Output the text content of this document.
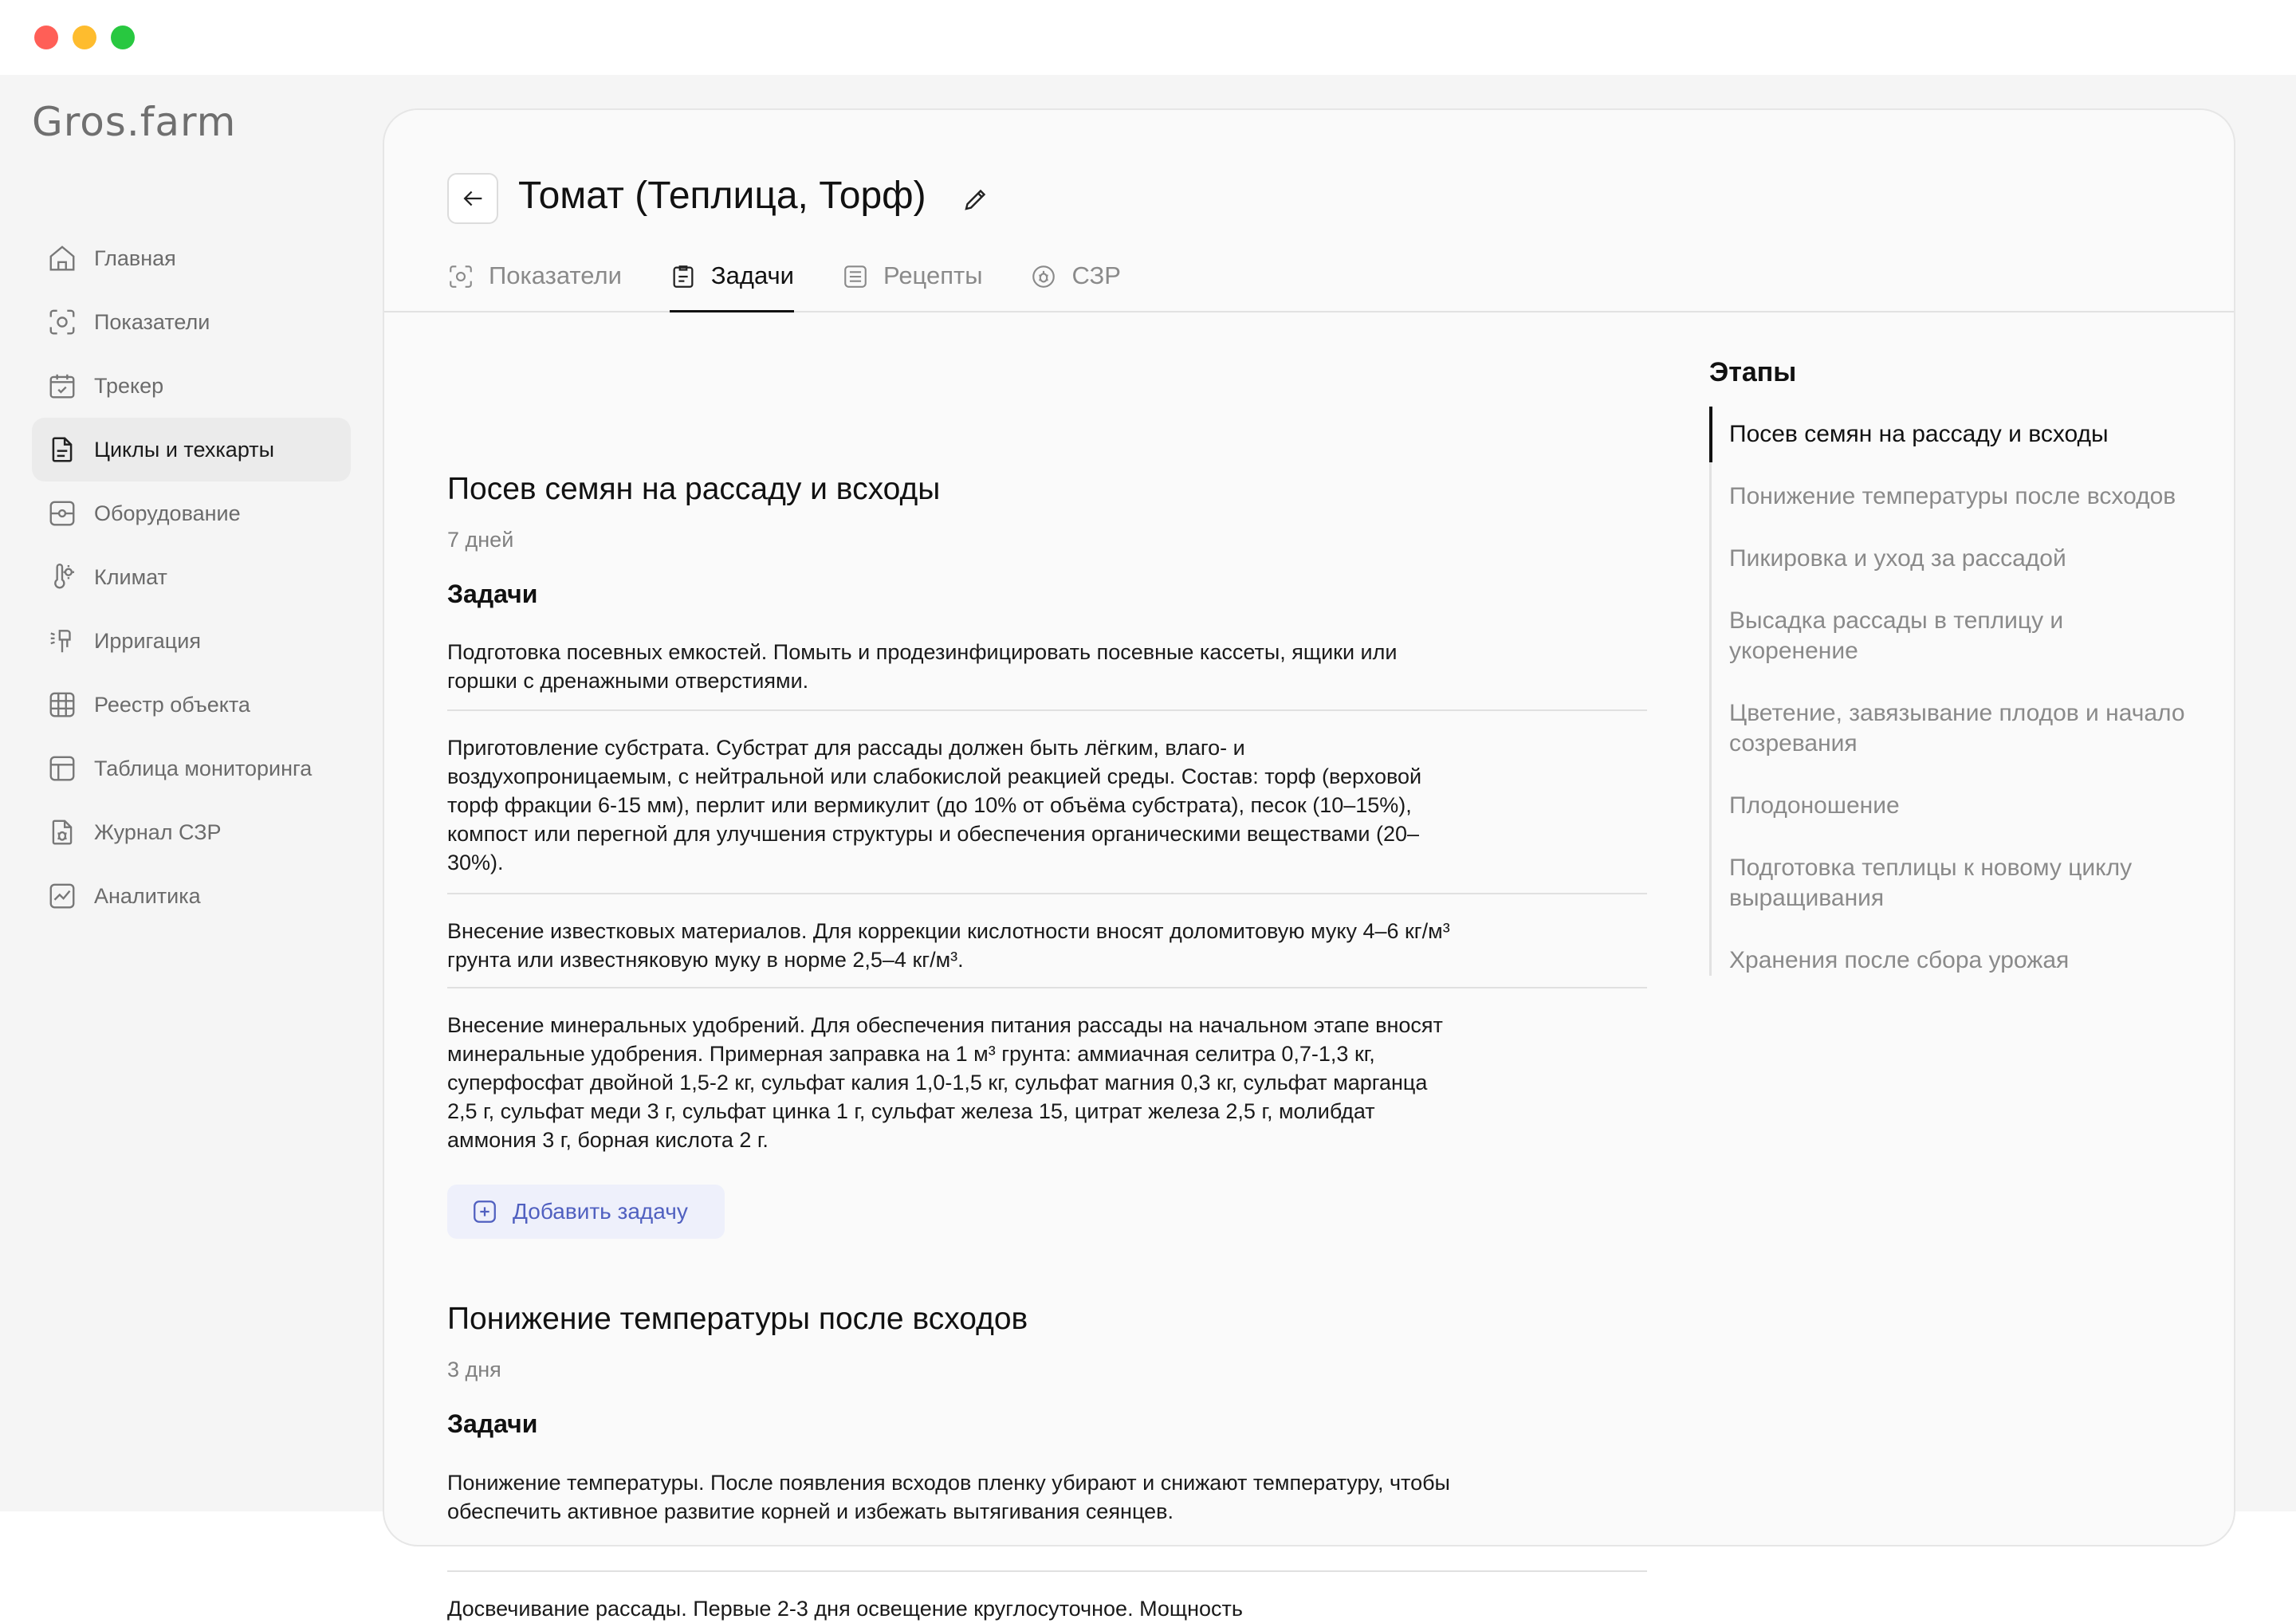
Gros.farm
Главная
Показатели
Трекер
Циклы и техкарты
Оборудование
Климат
Ирригация
Реестр объекта
Таблица мониторинга
Журнал СЗР
Аналитика
Томат (Теплица, Торф)
Показатели	Задачи	Рецепты	СЗР
Посев семян на рассаду и всходы
7 дней
Задачи
Подготовка посевных емкостей. Помыть и продезинфицировать посевные кассеты, ящики или горшки с дренажными отверстиями.
Приготовление субстрата. Субстрат для рассады должен быть лёгким, влаго- и воздухопроницаемым, с нейтральной или слабокислой реакцией среды. Состав: торф (верховой торф фракции 6-15 мм), перлит или вермикулит (до 10% от объёма субстрата), песок (10–15%), компост или перегной для улучшения структуры и обеспечения органическими веществами (20–30%).
Внесение известковых материалов. Для коррекции кислотности вносят доломитовую муку 4–6 кг/м³ грунта или известняковую муку в норме 2,5–4 кг/м³.
Внесение минеральных удобрений. Для обеспечения питания рассады на начальном этапе вносят минеральные удобрения. Примерная заправка на 1 м³ грунта: аммиачная селитра 0,7-1,3 кг, суперфосфат двойной 1,5-2 кг, сульфат калия 1,0-1,5 кг, сульфат магния 0,3 кг, сульфат марганца 2,5 г, сульфат меди 3 г, сульфат цинка 1 г, сульфат железа 15, цитрат железа 2,5 г, молибдат аммония 3 г, борная кислота 2 г.
Добавить задачу
Понижение температуры после всходов
3 дня
Задачи
Понижение температуры. После появления всходов пленку убирают и снижают температуру, чтобы обеспечить активное развитие корней и избежать вытягивания сеянцев.
Досвечивание рассады. Первые 2-3 дня освещение круглосуточное. Мощность
Этапы
Посев семян на рассаду и всходы
Понижение температуры после всходов
Пикировка и уход за рассадой
Высадка рассады в теплицу и укоренение
Цветение, завязывание плодов и начало созревания
Плодоношение
Подготовка теплицы к новому циклу выращивания
Хранения после сбора урожая
